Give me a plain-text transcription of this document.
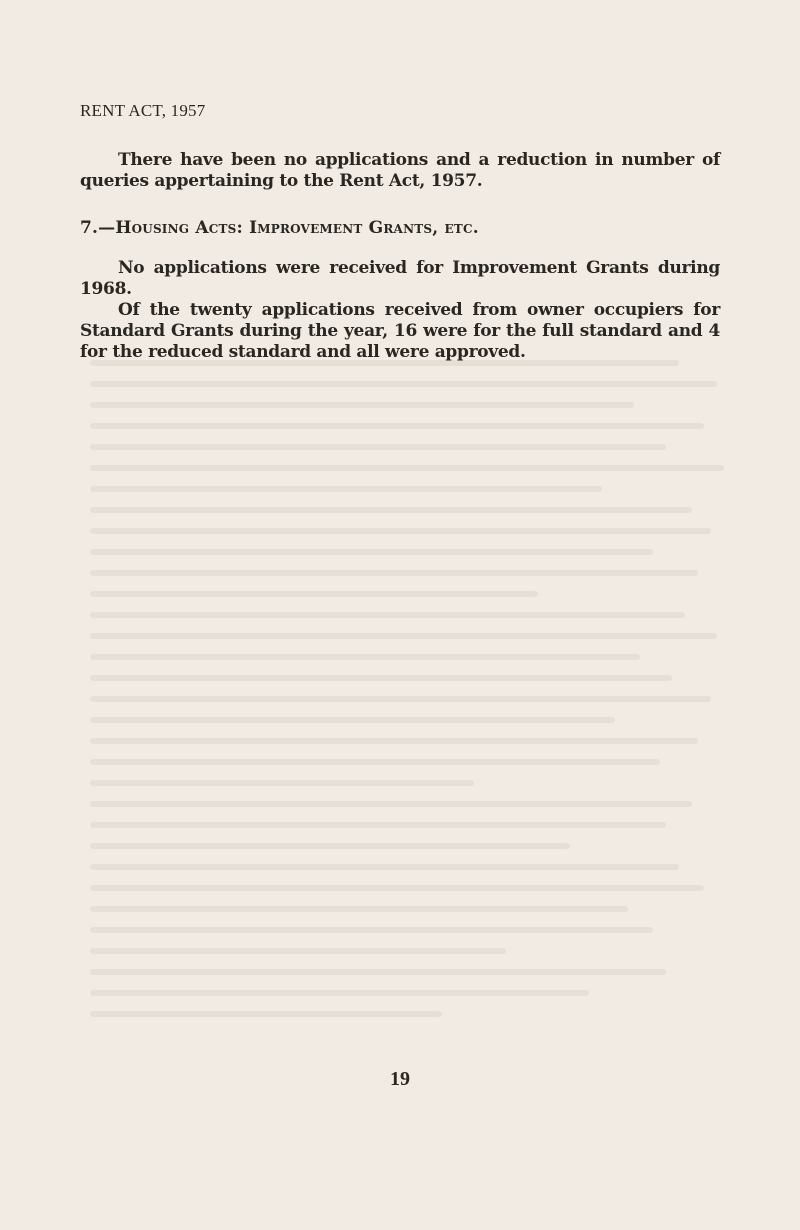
RENT ACT, 1957

There have been no applications and a reduction in number of queries appertaining to the Rent Act, 1957.

7.—Housing Acts: Improvement Grants, etc.

No applications were received for Improvement Grants during 1968.

Of the twenty applications received from owner occupiers for Standard Grants during the year, 16 were for the full standard and 4 for the reduced standard and all were approved.

19
